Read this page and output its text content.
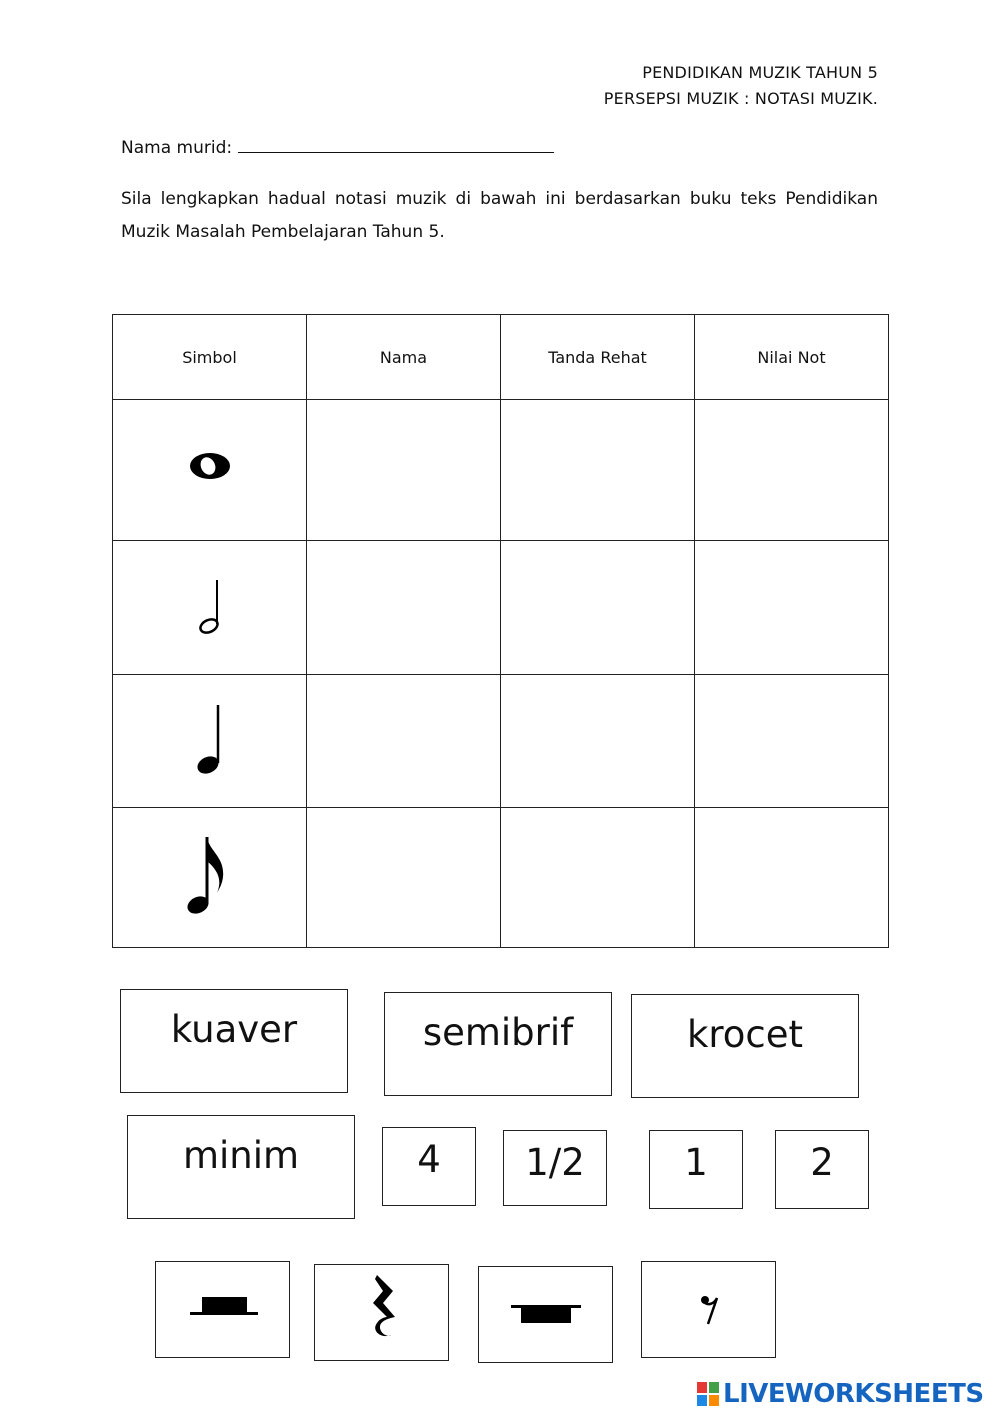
PENDIDIKAN MUZIK TAHUN 5
PERSEPSI MUZIK : NOTASI MUZIK.
Nama murid:
Sila lengkapkan hadual notasi muzik di bawah ini berdasarkan buku teks Pendidikan Muzik Masalah Pembelajaran Tahun 5.
Simbol	Nama	Tanda Rehat	Nilai Not

kuaver	semibrif	krocet
minim	4 1/2	1	2
LIVEWORKSHEETS
